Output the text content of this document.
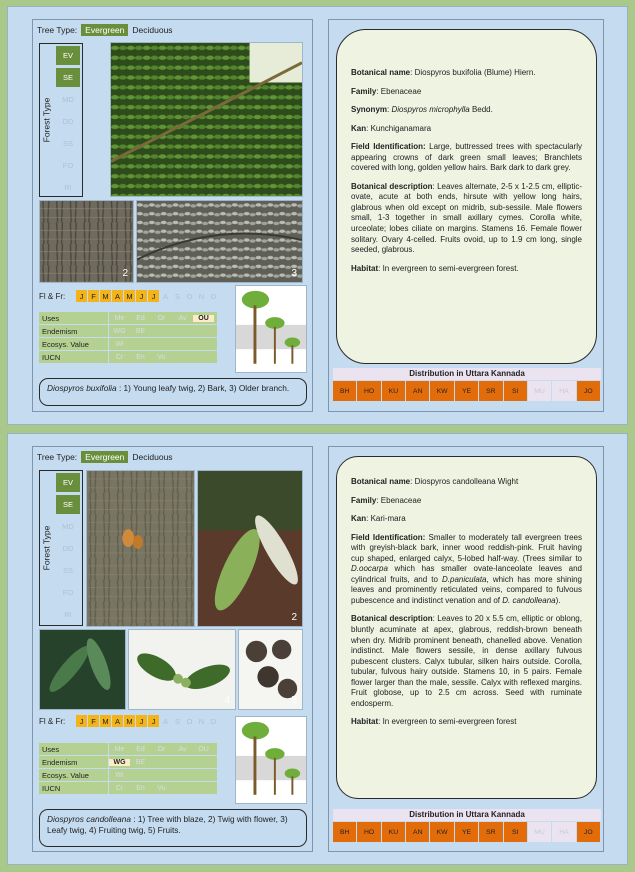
Tree Type: Evergreen Deciduous
Forest Type
EV
SE
MD
DD
SS
FO
RI
2	3
Fl & Fr:	J	F M A M J	J	A S O N D
Uses	Me	Ed	Or	Av	OU
Endemism	WG	BE
Ecosys. Value	Wi
IUCN	Cr	En	Vu
Diospyros buxifolia : 1) Young leafy twig, 2) Bark, 3) Older branch.

Botanical name: Diospyros buxifolia (Blume) Hiern.

Family: Ebenaceae

Synonym: Diospyros microphylla Bedd.

Kan: Kunchiganamara

Field Identification: Large, buttressed trees with spectacularly appearing crowns of dark green small leaves; Branchlets covered with long, golden yellow hairs. Bark dark to dark grey.

Botanical description: Leaves alternate, 2-5 x 1-2.5 cm, elliptic-ovate, acute at both ends, hirsute with yellow long hairs, glabrous when old except on midrib, sub-sessile. Male flowers small, 1-3 together in small axillary cymes. Corolla white, urceolate; lobes ciliate on margins. Stamens 16. Female flower solitary. Ovary 4-celled. Fruits ovoid, up to 1.9 cm long, single seeded, glabrous.

Habitat: In evergreen to semi-evergreen forest.

Distribution in Uttara Kannada
BH	HO	KU	AN	KW	YE	SR	SI	MU	HA	JO
Tree Type: Evergreen Deciduous
Forest Type
EV
SE
MD
DD
SS
FO
RI	2
4	5
Fl & Fr:	J	F M A M J	J	A S O N D
Uses	Me	Ed	Or	Av	OU
Endemism	WG	BE
Ecosys. Value	Wi
IUCN	Cr	En	Vu
Diospyros candolleana : 1) Tree with blaze, 2) Twig with flower, 3) Leafy twig, 4) Fruiting twig, 5) Fruits.

Botanical name: Diospyros candolleana Wight

Family: Ebenaceae

Kan: Kari-mara

Field Identification: Smaller to moderately tall evergreen trees with greyish-black bark, inner wood reddish-pink. Fruit having cup shaped, enlarged calyx, 5-lobed half-way. (Trees similar to D.oocarpa which has smaller ovate-lanceolate leaves and cylindrical fruits, and to D.paniculata, which has more shining leaves and prominently reticulated veins, compared to fulvous pubescence and indistinct venation and of D. candolleana).

Botanical description: Leaves to 20 x 5.5 cm, elliptic or oblong, bluntly acuminate at apex, glabrous, reddish-brown beneath when dry. Midrib prominent beneath, chanelled above. Venation indistinct. Male flowers sessile, in dense axillary fulvous pubescent clusters. Calyx tubular, silken hairs outside. Corolla, tubular, fulvous hairy outside. Stamens 10, in 5 pairs. Female flower larger than the male, sessile. Calyx with reflexed margins. Fruit globose, up to 2.5 cm across. Seed with ruminate endosperm.

Habitat: In evergreen to semi-evergreen forest

Distribution in Uttara Kannada
BH	HO	KU	AN	KW	YE	SR	SI	MU	HA	JO
